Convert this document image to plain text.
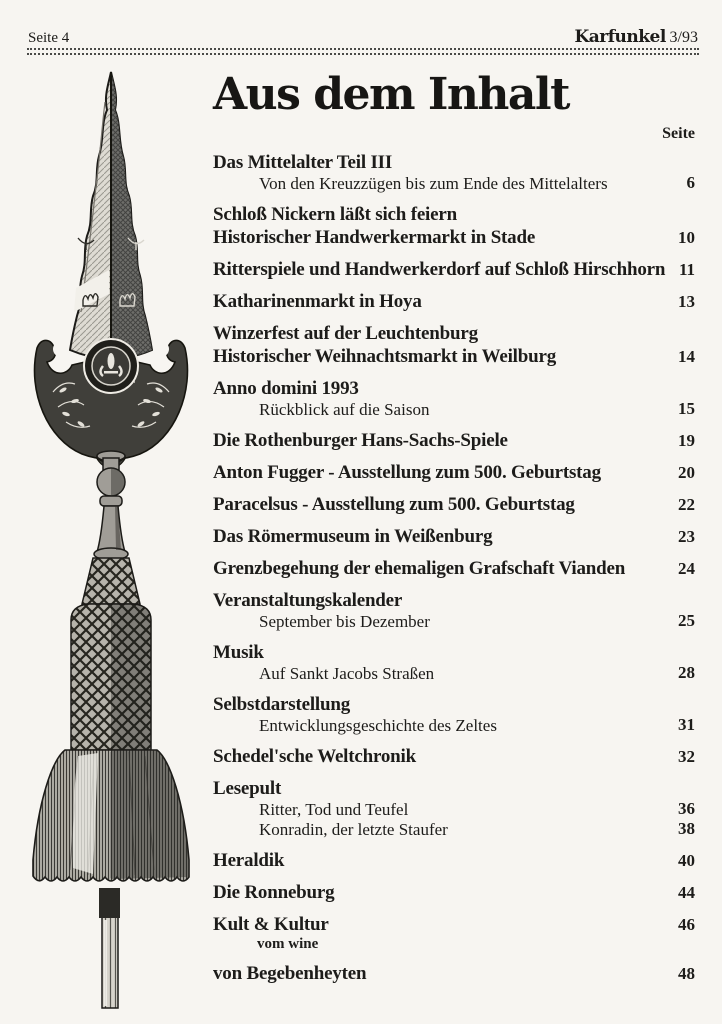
Seite 4	Karfunkel 3/93
Aus dem Inhalt
Seite
Das Mittelalter Teil III
Von den Kreuzzügen bis zum Ende des Mittelalters	6
Schloß Nickern läßt sich feiern
Historischer Handwerkermarkt in Stade	10
Ritterspiele und Handwerkerdorf auf Schloß Hirschhorn 11
Katharinenmarkt in Hoya	13
Winzerfest auf der Leuchtenburg
Historischer Weihnachtsmarkt in Weilburg	14
Anno domini 1993
Rückblick auf die Saison	15
Die Rothenburger Hans-Sachs-Spiele	19
Anton Fugger - Ausstellung zum 500. Geburtstag	20
Paracelsus - Ausstellung zum 500. Geburtstag	22
Das Römermuseum in Weißenburg	23
Grenzbegehung der ehemaligen Grafschaft Vianden	24
Veranstaltungskalender
September bis Dezember	25
Musik
Auf Sankt Jacobs Straßen	28
Selbstdarstellung
Entwicklungsgeschichte des Zeltes	31
Schedel'sche Weltchronik	32
Lesepult
Ritter, Tod und Teufel	36
Konradin, der letzte Staufer	38
Heraldik	40
Die Ronneburg	44
Kult & Kultur	46
vom wine
von Begebenheyten	48
